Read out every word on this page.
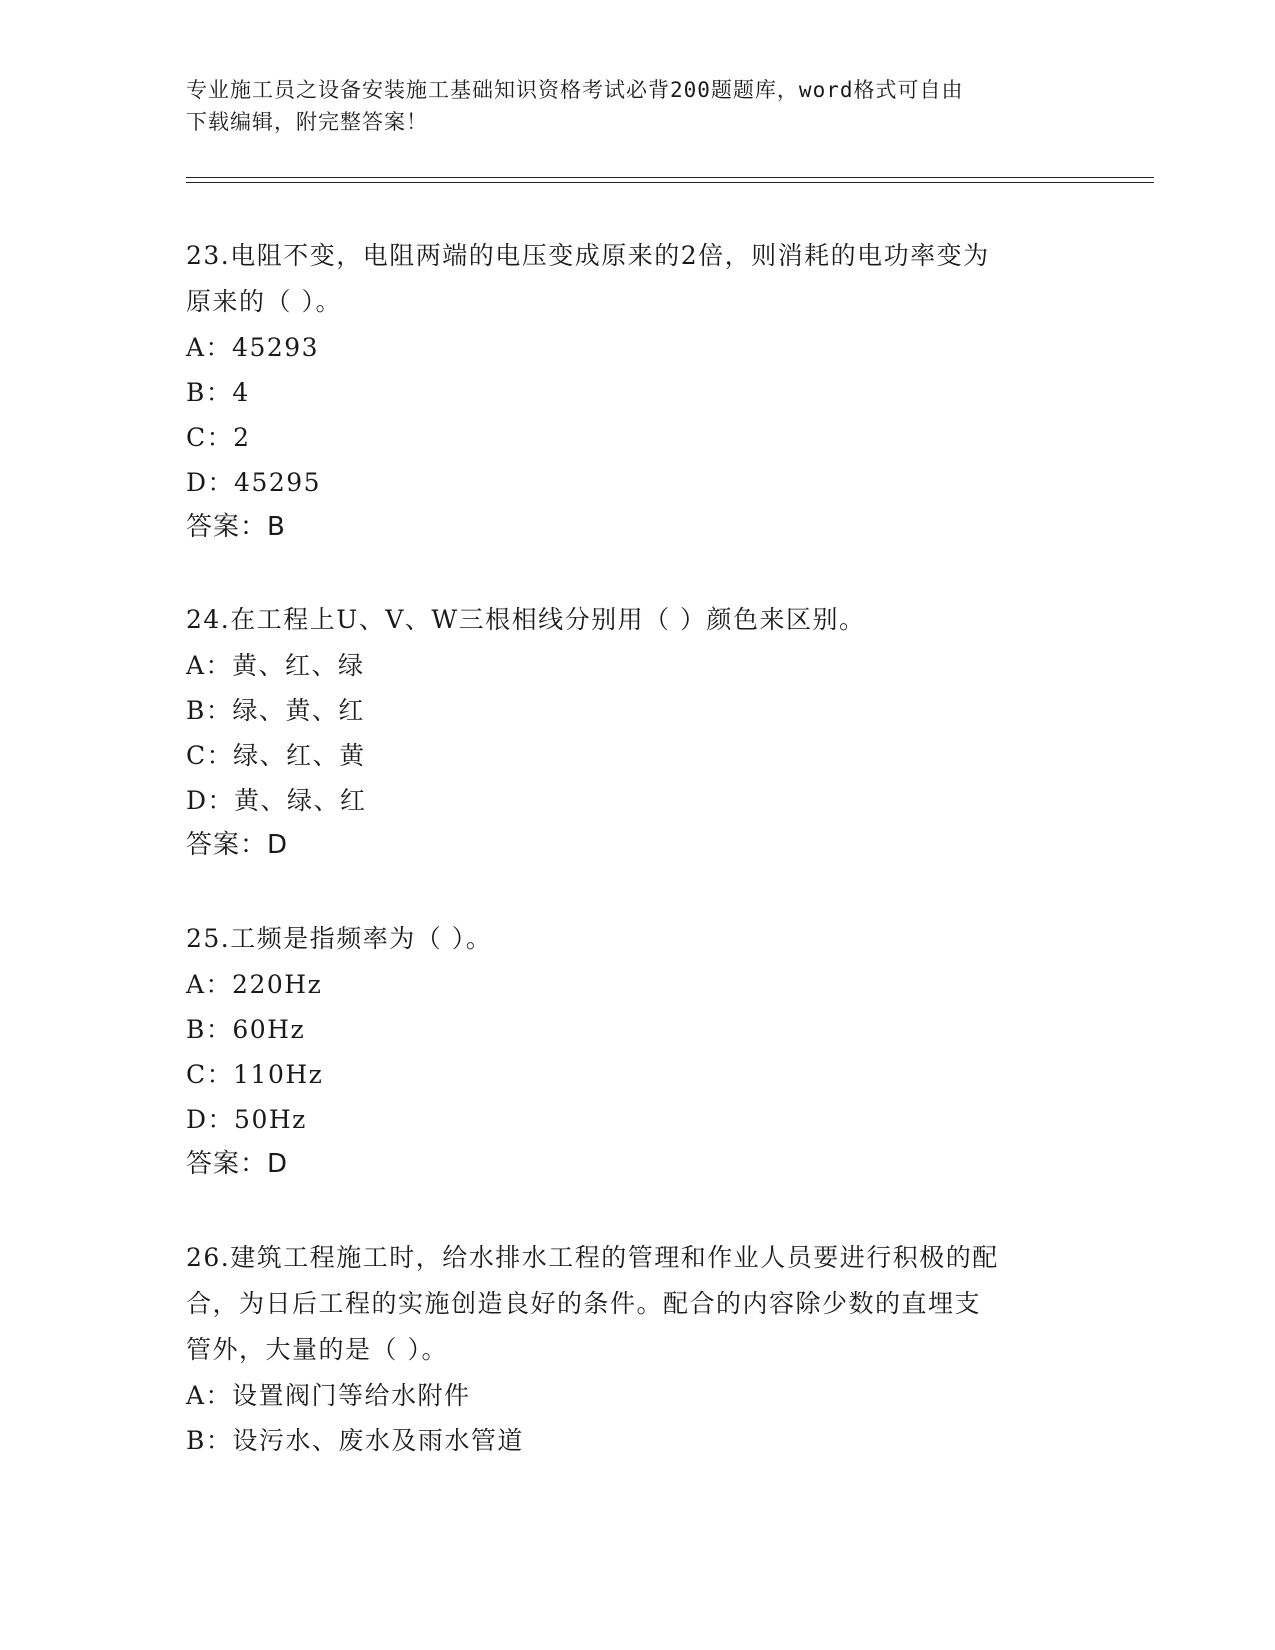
专业施工员之设备安装施工基础知识资格考试必背200题题库，word格式可自由
下载编辑，附完整答案！

23.电阻不变，电阻两端的电压变成原来的2倍，则消耗的电功率变为

原来的（ ）。

A：45293

B：4

C：2

D：45295

答案：B

24.在工程上U、V、W三根相线分别用（ ）颜色来区别。

A：黄、红、绿

B：绿、黄、红

C：绿、红、黄

D：黄、绿、红

答案：D

25.工频是指频率为（ ）。

A：220Hz

B：60Hz

C：110Hz

D：50Hz

答案：D

26.建筑工程施工时，给水排水工程的管理和作业人员要进行积极的配

合，为日后工程的实施创造良好的条件。配合的内容除少数的直埋支

管外，大量的是（ ）。

A：设置阀门等给水附件

B：设污水、废水及雨水管道
